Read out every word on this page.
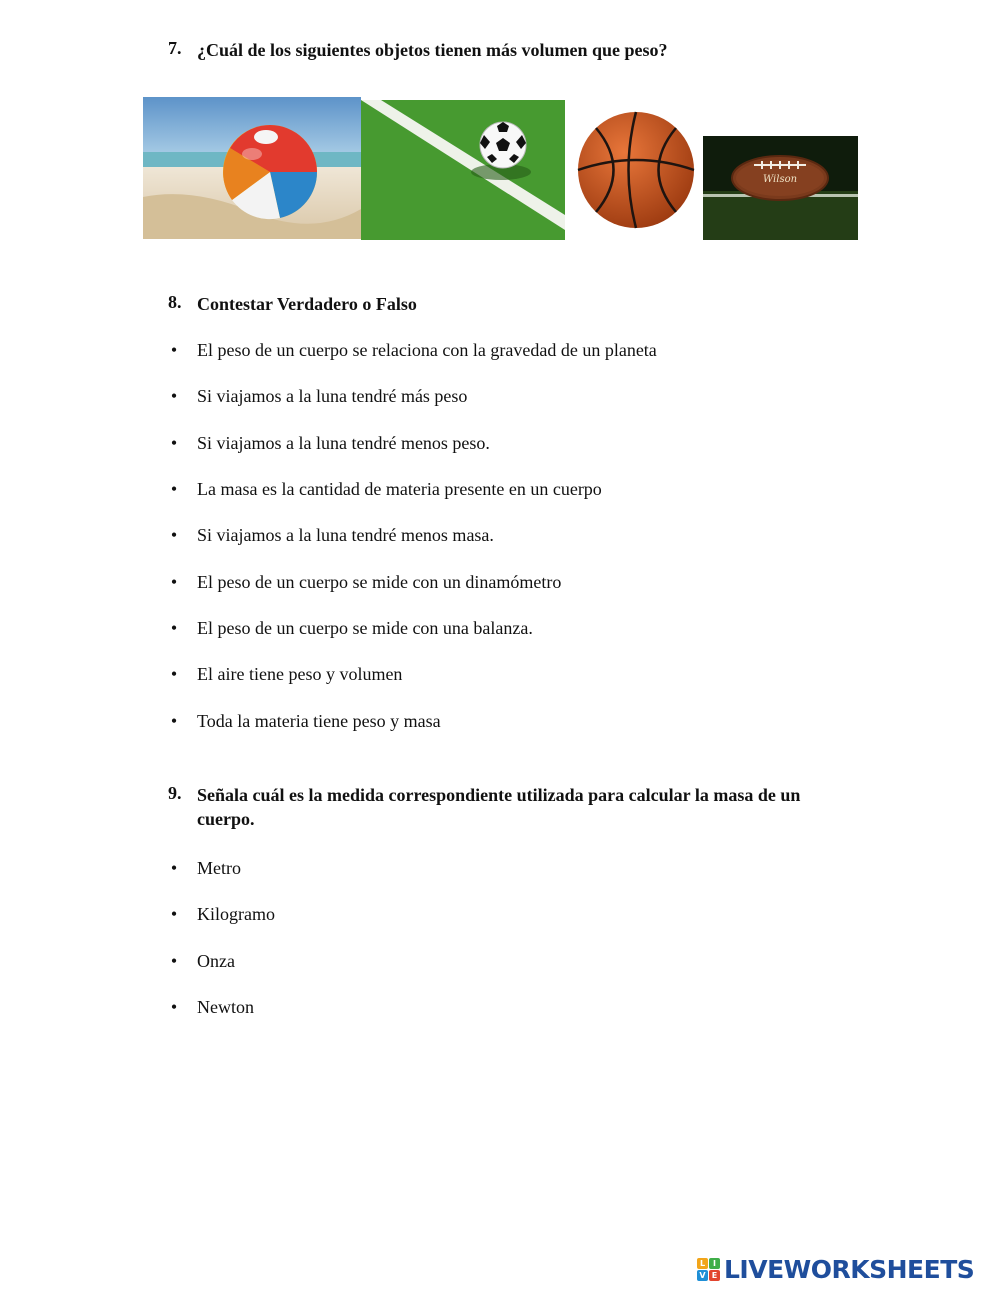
7. ¿Cuál de los siguientes objetos tienen más volumen que peso?
Wilson
8. Contestar Verdadero o Falso
• El peso de un cuerpo se relaciona con la gravedad de un planeta
• Si viajamos a la luna tendré más peso
• Si viajamos a la luna tendré menos peso.
• La masa es la cantidad de materia presente en un cuerpo
• Si viajamos a la luna tendré menos masa.
• El peso de un cuerpo se mide con un dinamómetro
• El peso de un cuerpo se mide con una balanza.
• El aire tiene peso y volumen
• Toda la materia tiene peso y masa
9. Señala cuál es la medida correspondiente utilizada para calcular la masa de un cuerpo.
• Metro
• Kilogramo
• Onza
• Newton
L I
V E LIVEWORKSHEETS
